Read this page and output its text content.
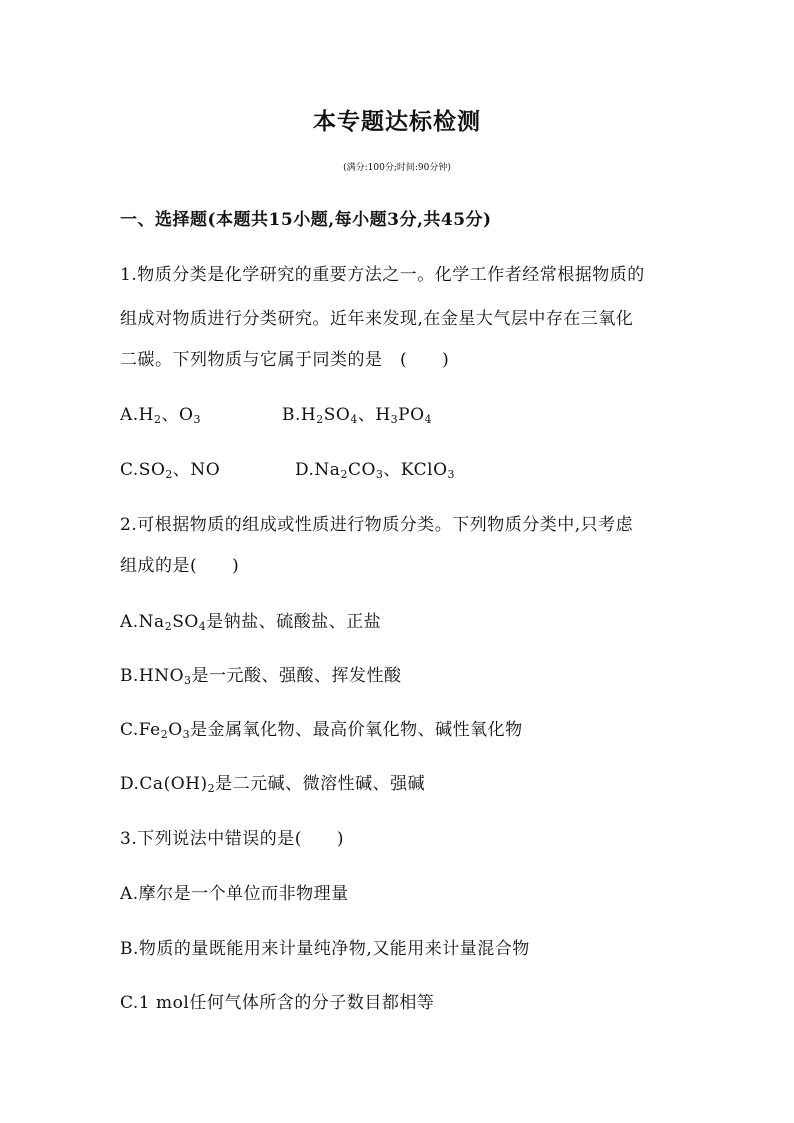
本专题达标检测
(满分:100分;时间:90分钟)
一、选择题(本题共15小题,每小题3分,共45分)
1.物质分类是化学研究的重要方法之一。化学工作者经常根据物质的
组成对物质进行分类研究。近年来发现,在金星大气层中存在三氧化
二碳。下列物质与它属于同类的是　(　　)
$A.H_2$、$O_3$	$B.H_2SO_4$、$H_3PO_4$
$C.SO_2$、NO	$D.Na_2CO_3$、KClO$_3$
2.可根据物质的组成或性质进行物质分类。下列物质分类中,只考虑
组成的是(　　)
$A.Na_2SO_4$是钠盐、硫酸盐、正盐
$B.HNO_3$是一元酸、强酸、挥发性酸
$C.Fe_2O_3$是金属氧化物、最高价氧化物、碱性氧化物
$D.Ca(OH)_2$是二元碱、微溶性碱、强碱
3.下列说法中错误的是(　　)
A.摩尔是一个单位而非物理量
B.物质的量既能用来计量纯净物,又能用来计量混合物
C.1 mol任何气体所含的分子数目都相等
